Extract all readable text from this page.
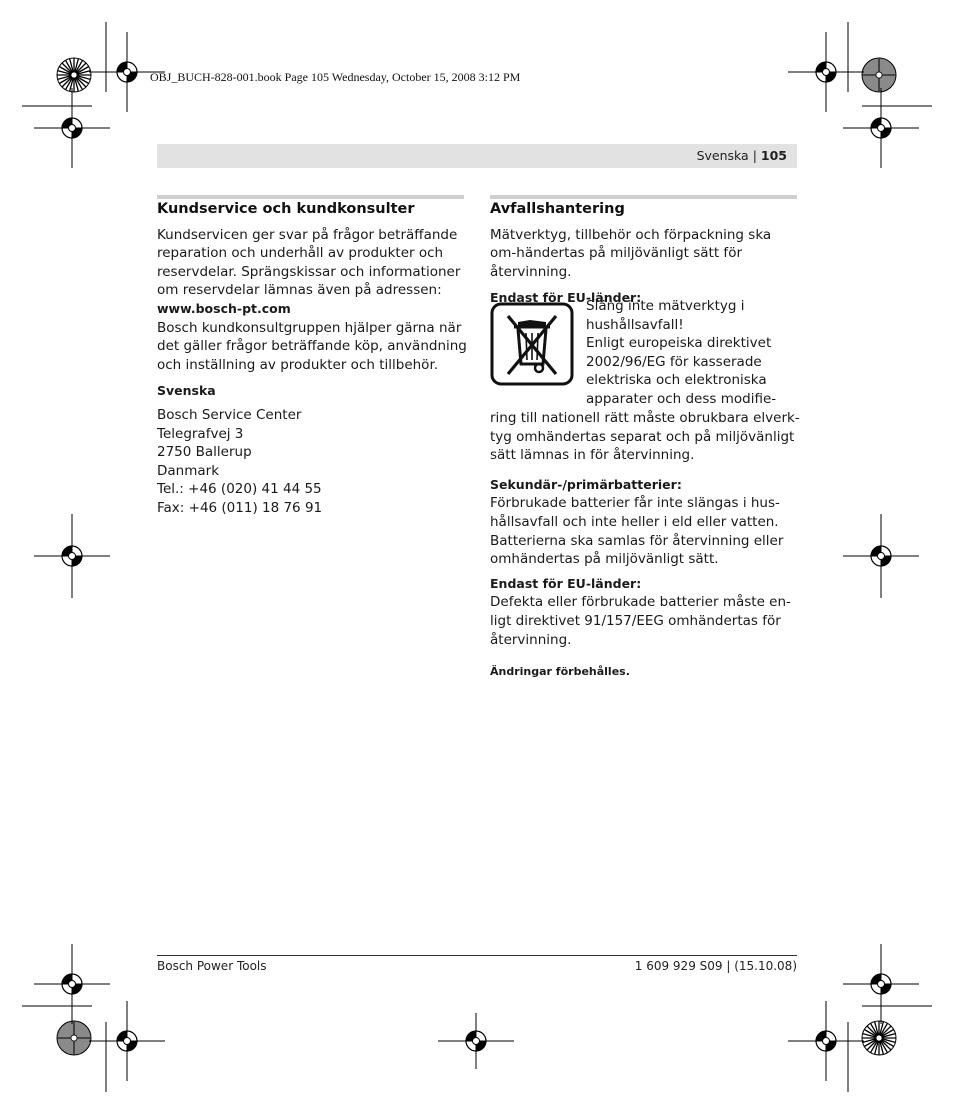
OBJ_BUCH-828-001.book Page 105 Wednesday, October 15, 2008 3:12 PM
Svenska | 105
Kundservice och kundkonsulter

Kundservicen ger svar på frågor beträffande reparation och underhåll av produkter och reservdelar. Sprängskissar och informationer om reservdelar lämnas även på adressen:

www.bosch-pt.com

Bosch kundkonsultgruppen hjälper gärna när det gäller frågor beträffande köp, användning och inställning av produkter och tillbehör.

Svenska

Bosch Service Center

Telegrafvej 3

2750 Ballerup

Danmark

Tel.: +46 (020) 41 44 55

Fax: +46 (011) 18 76 91

Avfallshantering

Mätverktyg, tillbehör och förpackning ska om-händertas på miljövänligt sätt för återvinning.

Endast för EU-länder:

Släng inte mätverktyg i

hushållsavfall!

Enligt europeiska direktivet

2002/96/EG för kasserade

elektriska och elektroniska

apparater och dess modifie-

ring till nationell rätt måste obrukbara elverk-

tyg omhändertas separat och på miljövänligt

sätt lämnas in för återvinning.

Sekundär-/primärbatterier:

Förbrukade batterier får inte slängas i hus-

hållsavfall och inte heller i eld eller vatten.

Batterierna ska samlas för återvinning eller

omhändertas på miljövänligt sätt.

Endast för EU-länder:

Defekta eller förbrukade batterier måste en-

ligt direktivet 91/157/EEG omhändertas för

återvinning.

Ändringar förbehålles.

Bosch Power Tools	1 609 929 S09 | (15.10.08)
